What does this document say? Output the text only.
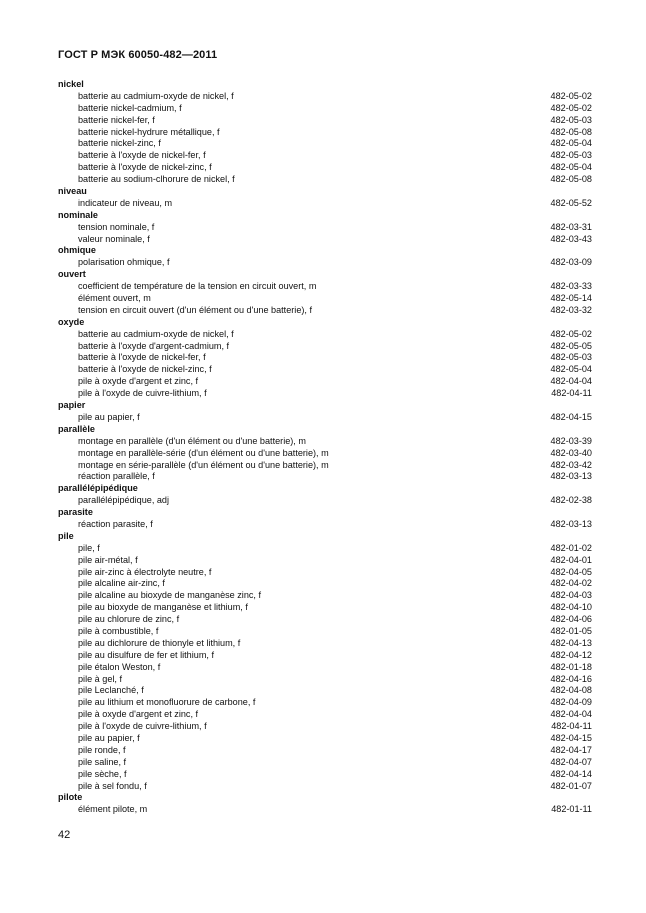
ГОСТ Р МЭК 60050-482—2011
nickel
batterie au cadmium-oxyde de nickel, f	482-05-02
batterie nickel-cadmium, f	482-05-02
batterie nickel-fer, f	482-05-03
batterie nickel-hydrure métallique, f	482-05-08
batterie nickel-zinc, f	482-05-04
batterie à l'oxyde de nickel-fer, f	482-05-03
batterie à l'oxyde de nickel-zinc, f	482-05-04
batterie au sodium-clhorure de nickel, f	482-05-08
niveau
indicateur de niveau, m	482-05-52
nominale
tension nominale, f	482-03-31
valeur nominale, f	482-03-43
ohmique
polarisation ohmique, f	482-03-09
ouvert
coefficient de température de la tension en circuit ouvert, m	482-03-33
élément ouvert, m	482-05-14
tension en circuit ouvert (d'un élément ou d'une batterie), f	482-03-32
oxyde
batterie au cadmium-oxyde de nickel, f	482-05-02
batterie à l'oxyde d'argent-cadmium, f	482-05-05
batterie à l'oxyde de nickel-fer, f	482-05-03
batterie à l'oxyde de nickel-zinc, f	482-05-04
pile à oxyde d'argent et zinc, f	482-04-04
pile à l'oxyde de cuivre-lithium, f	482-04-11
papier
pile au papier, f	482-04-15
parallèle
montage en parallèle (d'un élément ou d'une batterie), m	482-03-39
montage en parallèle-série (d'un élément ou d'une batterie), m	482-03-40
montage en série-parallèle (d'un élément ou d'une batterie), m	482-03-42
réaction parallèle, f	482-03-13
parallélépipédique
parallélépipédique, adj	482-02-38
parasite
réaction parasite, f	482-03-13
pile
pile, f	482-01-02
pile air-métal, f	482-04-01
pile air-zinc à électrolyte neutre, f	482-04-05
pile alcaline air-zinc, f	482-04-02
pile alcaline au bioxyde de manganèse zinc, f	482-04-03
pile au bioxyde de manganèse et lithium, f	482-04-10
pile au chlorure de zinc, f	482-04-06
pile à combustible, f	482-01-05
pile au dichlorure de thionyle et lithium, f	482-04-13
pile au disulfure de fer et lithium, f	482-04-12
pile étalon Weston, f	482-01-18
pile à gel, f	482-04-16
pile Leclanché, f	482-04-08
pile au lithium et monofluorure de carbone, f	482-04-09
pile à oxyde d'argent et zinc, f	482-04-04
pile à l'oxyde de cuivre-lithium, f	482-04-11
pile au papier, f	482-04-15
pile ronde, f	482-04-17
pile saline, f	482-04-07
pile sèche, f	482-04-14
pile à sel fondu, f	482-01-07
pilote
élément pilote, m	482-01-11
42
